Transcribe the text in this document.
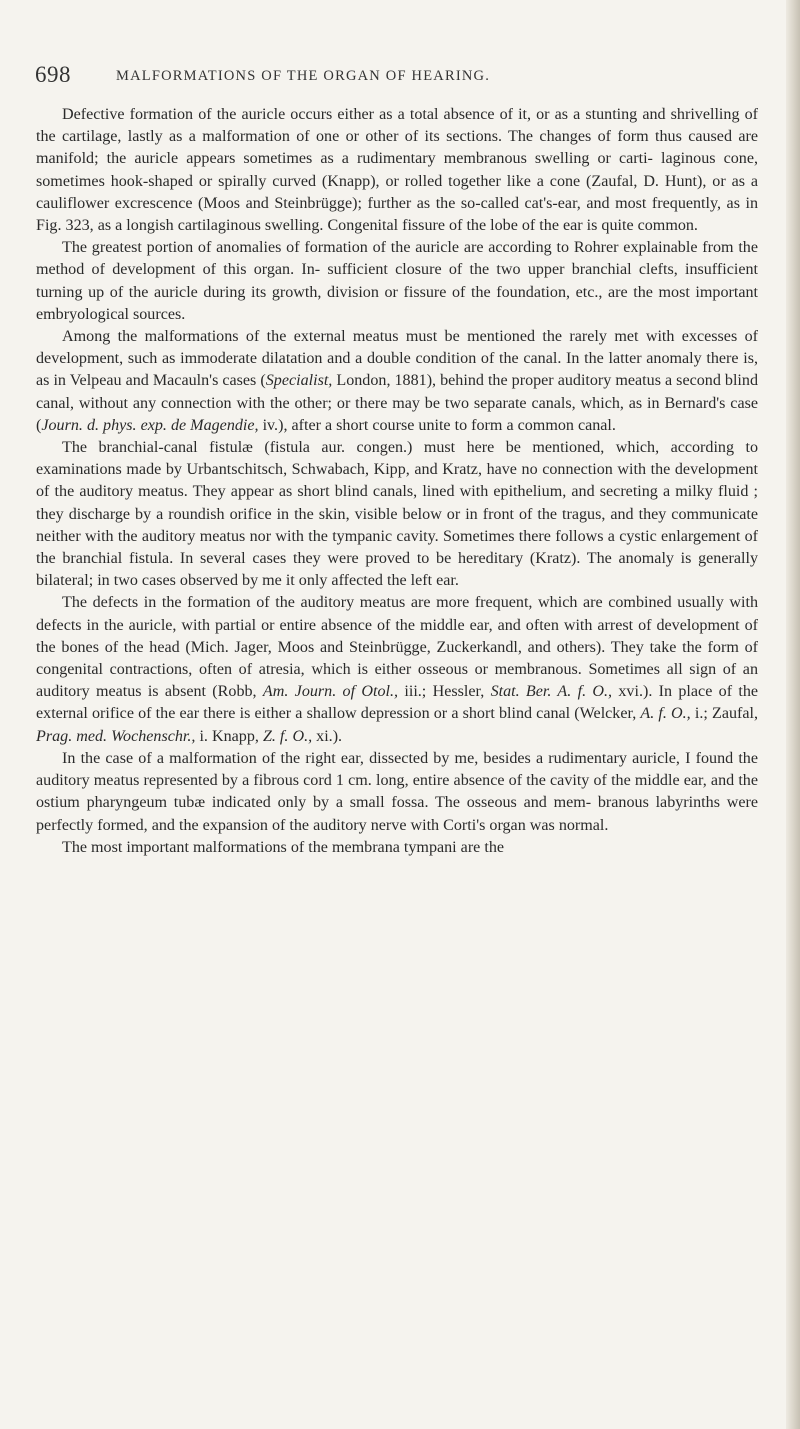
698	MALFORMATIONS OF THE ORGAN OF HEARING.

Defective formation of the auricle occurs either as a total absence of it, or as a stunting and shrivelling of the cartilage, lastly as a malformation of one or other of its sections. The changes of form thus caused are manifold; the auricle appears sometimes as a rudimentary membranous swelling or carti- laginous cone, sometimes hook-shaped or spirally curved (Knapp), or rolled together like a cone (Zaufal, D. Hunt), or as a cauliflower excrescence (Moos and Steinbrügge); further as the so-called cat's-ear, and most frequently, as in Fig. 323, as a longish cartilaginous swelling. Congenital fissure of the lobe of the ear is quite common.

The greatest portion of anomalies of formation of the auricle are according to Rohrer explainable from the method of development of this organ. In- sufficient closure of the two upper branchial clefts, insufficient turning up of the auricle during its growth, division or fissure of the foundation, etc., are the most important embryological sources.

Among the malformations of the external meatus must be mentioned the rarely met with excesses of development, such as immoderate dilatation and a double condition of the canal. In the latter anomaly there is, as in Velpeau and Macauln's cases (Specialist, London, 1881), behind the proper auditory meatus a second blind canal, without any connection with the other; or there may be two separate canals, which, as in Bernard's case (Journ. d. phys. exp. de Magendie, iv.), after a short course unite to form a common canal.

The branchial-canal fistulæ (fistula aur. congen.) must here be mentioned, which, according to examinations made by Urbantschitsch, Schwabach, Kipp, and Kratz, have no connection with the development of the auditory meatus. They appear as short blind canals, lined with epithelium, and secreting a milky fluid ; they discharge by a roundish orifice in the skin, visible below or in front of the tragus, and they communicate neither with the auditory meatus nor with the tympanic cavity. Sometimes there follows a cystic enlargement of the branchial fistula. In several cases they were proved to be hereditary (Kratz). The anomaly is generally bilateral; in two cases observed by me it only affected the left ear.

The defects in the formation of the auditory meatus are more frequent, which are combined usually with defects in the auricle, with partial or entire absence of the middle ear, and often with arrest of development of the bones of the head (Mich. Jager, Moos and Steinbrügge, Zuckerkandl, and others). They take the form of congenital contractions, often of atresia, which is either osseous or membranous. Sometimes all sign of an auditory meatus is absent (Robb, Am. Journ. of Otol., iii.; Hessler, Stat. Ber. A. f. O., xvi.). In place of the external orifice of the ear there is either a shallow depression or a short blind canal (Welcker, A. f. O., i.; Zaufal, Prag. med. Wochenschr., i. Knapp, Z. f. O., xi.).

In the case of a malformation of the right ear, dissected by me, besides a rudimentary auricle, I found the auditory meatus represented by a fibrous cord 1 cm. long, entire absence of the cavity of the middle ear, and the ostium pharyngeum tubæ indicated only by a small fossa. The osseous and mem- branous labyrinths were perfectly formed, and the expansion of the auditory nerve with Corti's organ was normal.

The most important malformations of the membrana tympani are the
